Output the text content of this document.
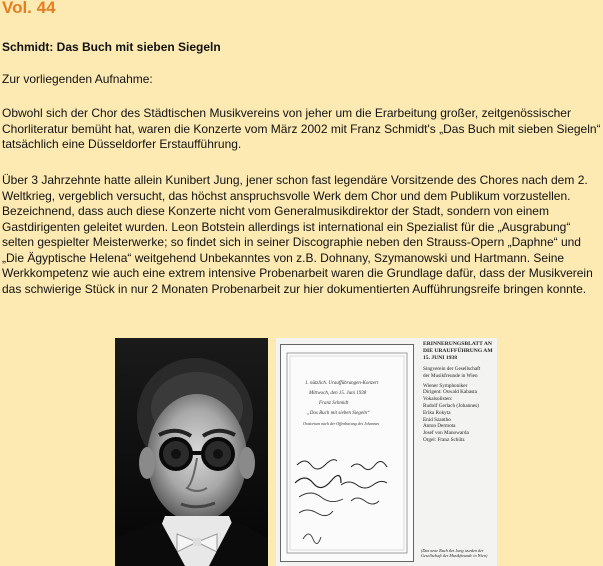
Vol. 44
Schmidt: Das Buch mit sieben Siegeln
Zur vorliegenden Aufnahme:
Obwohl sich der Chor des Städtischen Musikvereins von jeher um die Erarbeitung großer, zeitgenössischer Chorliteratur bemüht hat, waren die Konzerte vom März 2002 mit Franz Schmidt's „Das Buch mit sieben Siegeln“ tatsächlich eine Düsseldorfer Erstaufführung.
Über 3 Jahrzehnte hatte allein Kunibert Jung, jener schon fast legendäre Vorsitzende des Chores nach dem 2. Weltkrieg, vergeblich versucht, das höchst anspruchsvolle Werk dem Chor und dem Publikum vorzustellen. Bezeichnend, dass auch diese Konzerte nicht vom Generalmusikdirektor der Stadt, sondern von einem Gastdirigenten geleitet wurden. Leon Botstein allerdings ist international ein Spezialist für die „Ausgrabung“ selten gespielter Meisterwerke; so findet sich in seiner Discographie neben den Strauss-Opern „Daphne“ und „Die Ägyptische Helena“ weitgehend Unbekanntes von z.B. Dohnany, Szymanowski und Hartmann. Seine Werkkompetenz wie auch eine extrem intensive Probenarbeit waren die Grundlage dafür, dass der Musikverein das schwierige Stück in nur 2 Monaten Probenarbeit zur hier dokumentierten Aufführungsreife bringen konnte.
1. nützlich. Uraufführungen-Konzert
Mittwoch, den 15. Juni 1938
Franz Schmidt
„Das Buch mit sieben Siegeln“
Oratorium nach der Offenbarung des Johannes
ERINNERUNGSBLATT AN DIE URAUFFÜHRUNG AM 15. JUNI 1938
Singverein der Gesellschaft
der Musikfreunde in Wien
Wiener Symphoniker
Dirigent: Oswald Kabasta
Vokalsolisten:
Rudolf Gerlach (Johannes)
Erika Rokyta
Enid Szantho
Anton Dermota
Josef von Manowarda
Orgel: Franz Schütz
(Das neue Buch des Jung wurden der Gesellschaft der Musikfreunde in Wien)
